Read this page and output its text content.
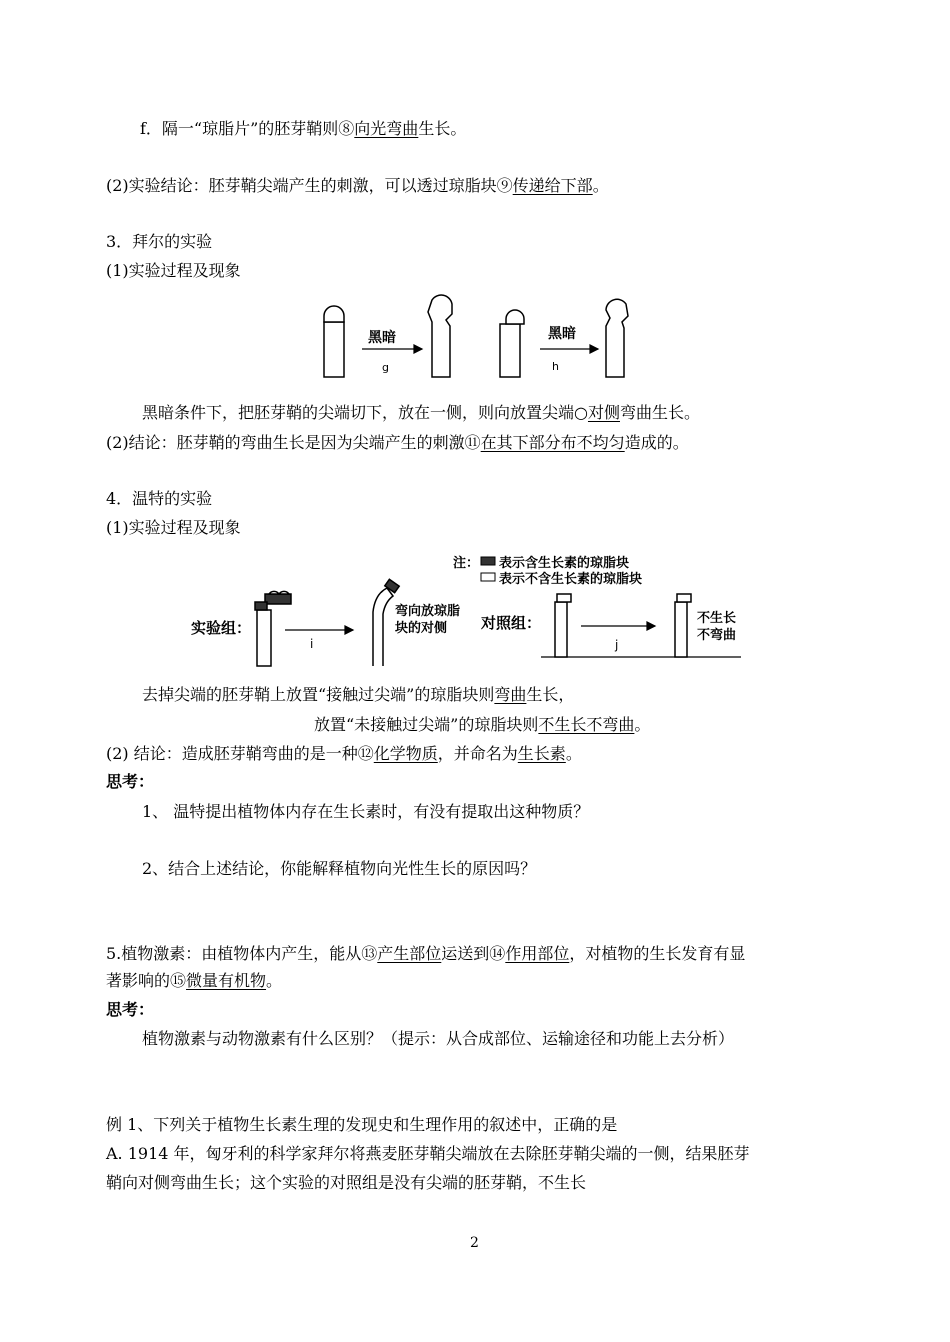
f．隔一“琼脂片”的胚芽鞘则⑧向光弯曲生长。
(2)实验结论：胚芽鞘尖端产生的刺激，可以透过琼脂块⑨传递给下部。
3．拜尔的实验
(1)实验过程及现象
黑暗
g
黑暗
h
黑暗条件下，把胚芽鞘的尖端切下，放在一侧，则向放置尖端○对侧弯曲生长。
(2)结论：胚芽鞘的弯曲生长是因为尖端产生的刺激⑪在其下部分布不均匀造成的。
4．温特的实验
(1)实验过程及现象
注： 表示含生长素的琼脂块
表示不含生长素的琼脂块
实验组：
i
弯向放琼脂
块的对侧 对照组：
j
不生长
不弯曲
去掉尖端的胚芽鞘上放置“接触过尖端”的琼脂块则弯曲生长，
放置“未接触过尖端”的琼脂块则不生长不弯曲。
(2) 结论：造成胚芽鞘弯曲的是一种⑫化学物质，并命名为生长素。
思考：
1、 温特提出植物体内存在生长素时，有没有提取出这种物质？
2、结合上述结论，你能解释植物向光性生长的原因吗？
5.植物激素：由植物体内产生，能从⑬产生部位运送到⑭作用部位，对植物的生长发育有显
著影响的⑮微量有机物。
思考：
植物激素与动物激素有什么区别？（提示：从合成部位、运输途径和功能上去分析）
例 1、下列关于植物生长素生理的发现史和生理作用的叙述中，正确的是
A. 1914 年，匈牙利的科学家拜尔将燕麦胚芽鞘尖端放在去除胚芽鞘尖端的一侧，结果胚芽
鞘向对侧弯曲生长；这个实验的对照组是没有尖端的胚芽鞘，不生长
2
